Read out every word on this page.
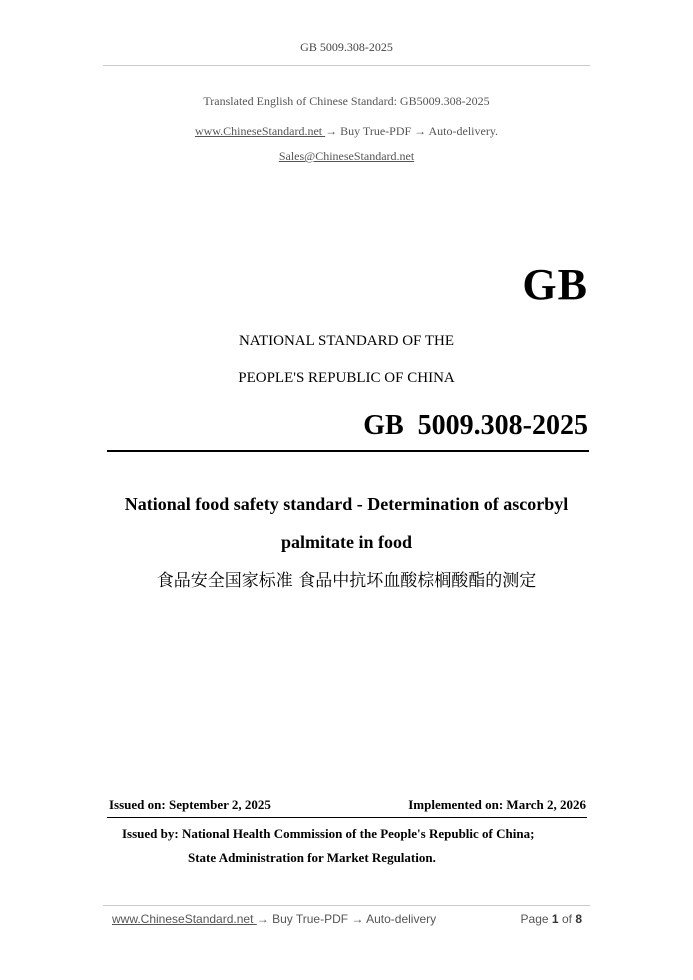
GB 5009.308-2025
Translated English of Chinese Standard: GB5009.308-2025
www.ChineseStandard.net → Buy True-PDF → Auto-delivery.
Sales@ChineseStandard.net
GB
NATIONAL STANDARD OF THE
PEOPLE'S REPUBLIC OF CHINA
GB  5009.308-2025
National food safety standard - Determination of ascorbyl
palmitate in food
食品安全国家标准 食品中抗坏血酸棕榈酸酯的测定
Issued on: September 2, 2025	Implemented on: March 2, 2026
Issued by: National Health Commission of the People's Republic of China;
State Administration for Market Regulation.
www.ChineseStandard.net → Buy True-PDF → Auto-delivery	Page 1 of 8
